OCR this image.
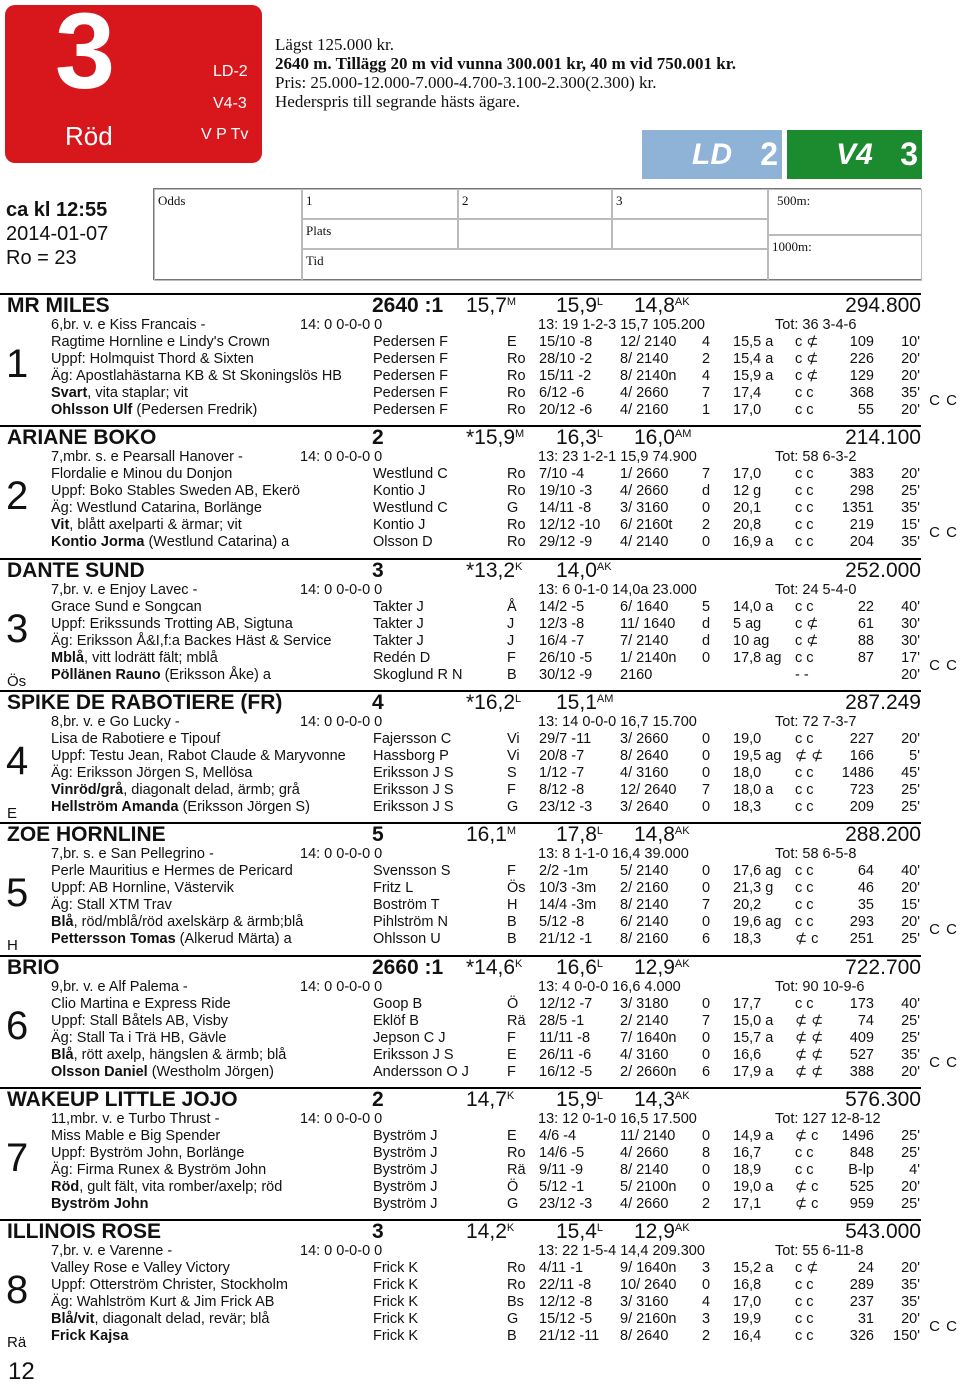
3
Röd
LD-2
V4-3
V P Tv
Lägst 125.000 kr.
2640 m. Tillägg 20 m vid vunna 300.001 kr, 40 m vid 750.001 kr.
Pris: 25.000-12.000-7.000-4.700-3.100-2.300(2.300) kr.
Hederspris till segrande hästs ägare.
LD 2 V4 3
ca kl 12:55
2014-01-07
Ro = 23
Odds	1	2	3
Plats
Tid
500m:
1000m:
MR MILES	2640 :1 $15,7^M$ $15,9^L$ $14,8^{AK}$	294.800
1
C C
6,br. v. e Kiss Francais -
Ragtime Hornline e Lindy's Crown
Uppf: Holmquist Thord & Sixten
Äg: Apostlahästarna KB & St Skoningslös HB
Svart, vita staplar; vit
Ohlsson Ulf (Pedersen Fredrik)
14: 0 0-0-0 0	13: 19 1-2-3 15,7 105.200	Tot: 36 3-4-6
Pedersen F	E 15/10 -8 12/ 2140 4 15,5 a c ⊄	109	10'
Pedersen F	Ro 28/10 -2 8/ 2140 2 15,4 a c ⊄	226	20'
Pedersen F	Ro 15/11 -2 8/ 2140n 4 15,9 a c ⊄	129	20'
Pedersen F	Ro 6/12 -6 4/ 2660 7 17,4 c c	368	35'
Pedersen F	Ro 20/12 -6 4/ 2160 1 17,0 c c	55	20'
ARIANE BOKO	2	$*15,9^M$ $16,3^L$ $16,0^{AM}$	214.100
2
C C
7,mbr. s. e Pearsall Hanover -
Flordalie e Minou du Donjon
Uppf: Boko Stables Sweden AB, Ekerö
Äg: Westlund Catarina, Borlänge
Vit, blått axelparti & ärmar; vit
Kontio Jorma (Westlund Catarina) a
14: 0 0-0-0 0	13: 23 1-2-1 15,9 74.900	Tot: 58 6-3-2
Westlund C	Ro 7/10 -4 1/ 2660 7 17,0 c c	383	20'
Kontio J	Ro 19/10 -3 4/ 2660 d 12 g c c	298	25'
Westlund C	G 14/11 -8 3/ 3160 0 20,1 c c	1351	35'
Kontio J	Ro 12/12 -10 6/ 2160t 2 20,8 c c	219	15'
Olsson D	Ro 29/12 -9 4/ 2140 0 16,9 a c c	204	35'
DANTE SUND	3	$*13,2^K$ $14,0^{AK}$	252.000
3
Ös
C C
7,br. v. e Enjoy Lavec -
Grace Sund e Songcan
Uppf: Erikssunds Trotting AB, Sigtuna
Äg: Eriksson Å&I,f:a Backes Häst & Service
Mblå, vitt lodrätt fält; mblå
Pöllänen Rauno (Eriksson Åke) a
14: 0 0-0-0 0	13: 6 0-1-0 14,0a 23.000	Tot: 24 5-4-0
Takter J	Å 14/2 -5 6/ 1640 5 14,0 a c c	22	40'
Takter J	J 12/3 -8 11/ 1640 d 5 ag c ⊄	61	30'
Takter J	J 16/4 -7 7/ 2140 d 10 ag c ⊄	88	30'
Redén D	F 26/10 -5 1/ 2140n 0 17,8 ag c c	87	17'
Skoglund R N	B 30/12 -9 2160	- -	20'
SPIKE DE RABOTIERE (FR)	4	$*16,2^L$ $15,1^{AM}$	287.249
4
E
8,br. v. e Go Lucky -
Lisa de Rabotiere e Tipouf
Uppf: Testu Jean, Rabot Claude & Maryvonne
Äg: Eriksson Jörgen S, Mellösa
Vinröd/grå, diagonalt delad, ärmb; grå
Hellström Amanda (Eriksson Jörgen S)
14: 0 0-0-0 0	13: 14 0-0-0 16,7 15.700	Tot: 72 7-3-7
Fajersson C	Vi 29/7 -11 3/ 2660 0 19,0 c c	227	20'
Hassborg P	Vi 20/8 -7 8/ 2640 0 19,5 ag ⊄ ⊄	166	5'
Eriksson J S	S 1/12 -7 4/ 3160 0 18,0 c c	1486	45'
Eriksson J S	F 8/12 -8 12/ 2640 7 18,0 a c c	723	25'
Eriksson J S	G 23/12 -3 3/ 2640 0 18,3 c c	209	25'
ZOE HORNLINE	5	$16,1^M$ $17,8^L$ $14,8^{AK}$	288.200
5
H
C C
7,br. s. e San Pellegrino -
Perle Mauritius e Hermes de Pericard
Uppf: AB Hornline, Västervik
Äg: Stall XTM Trav
Blå, röd/mblå/röd axelskärp & ärmb;blå
Pettersson Tomas (Alkerud Märta) a
14: 0 0-0-0 0	13: 8 1-1-0 16,4 39.000	Tot: 58 6-5-8
Svensson S	F 2/2 -1m 5/ 2140 0 17,6 ag c c	64	40'
Fritz L	Ös 10/3 -3m 2/ 2160 0 21,3 g c c	46	20'
Boström T	H 14/4 -3m 8/ 2140 7 20,2 c c	35	15'
Pihlström N	B 5/12 -8 6/ 2140 0 19,6 ag c c	293	20'
Ohlsson U	B 21/12 -1 8/ 2160 6 18,3 ⊄ c	251	25'
BRIO	2660 :1 $*14,6^K$ $16,6^L$ $12,9^{AK}$	722.700
6
C C
9,br. v. e Alf Palema -
Clio Martina e Express Ride
Uppf: Stall Båtels AB, Visby
Äg: Stall Ta i Trä HB, Gävle
Blå, rött axelp, hängslen & ärmb; blå
Olsson Daniel (Westholm Jörgen)
14: 0 0-0-0 0	13: 4 0-0-0 16,6 4.000	Tot: 90 10-9-6
Goop B	Ö 12/12 -7 3/ 3180 0 17,7 c c	173	40'
Eklöf B	Rä 28/5 -1 2/ 2140 7 15,0 a ⊄ ⊄	74	25'
Jepson C J	F 11/11 -8 7/ 1640n 0 15,7 a ⊄ ⊄	409	25'
Eriksson J S	E 26/11 -6 4/ 3160 0 16,6 ⊄ ⊄	527	35'
Andersson O J	F 16/12 -5 2/ 2660n 6 17,9 a ⊄ ⊄	388	20'
WAKEUP LITTLE JOJO	2	$14,7^K$ $15,9^L$ $14,3^{AK}$	576.300
7
11,mbr. v. e Turbo Thrust -
Miss Mable e Big Spender
Uppf: Byström John, Borlänge
Äg: Firma Runex & Byström John
Röd, gult fält, vita romber/axelp; röd
Byström John
14: 0 0-0-0 0	13: 12 0-1-0 16,5 17.500	Tot: 127 12-8-12
Byström J	E 4/6 -4	11/ 2140 0 14,9 a ⊄ c	1496	25'
Byström J	Ro 14/6 -5 4/ 2660 8 16,7 c c	848	25'
Byström J	Rä 9/11 -9	8/ 2140 0 18,9 c c	B-lp	4'
Byström J	Ö 5/12 -1 5/ 2100n 0 19,0 a ⊄ c	525	20'
Byström J	G 23/12 -3 4/ 2660 2 17,1 ⊄ c	959	25'
ILLINOIS ROSE	3	$14,2^K$ $15,4^L$ $12,9^{AK}$	543.000
8
Rä
C C
7,br. v. e Varenne -
Valley Rose e Valley Victory
Uppf: Otterström Christer, Stockholm
Äg: Wahlström Kurt & Jim Frick AB
Blå/vit, diagonalt delad, revär; blå
Frick Kajsa
14: 0 0-0-0 0	13: 22 1-5-4 14,4 209.300	Tot: 55 6-11-8
Frick K	Ro 4/11 -1	9/ 1640n 3 15,2 a c ⊄	24	20'
Frick K	Ro 22/11 -8 10/ 2640 0 16,8 c c	289	35'
Frick K	Bs 12/12 -8 3/ 3160 4 17,0 c c	237	35'
Frick K	G 15/12 -5 9/ 2160n 3 19,9 c c	31	20'
Frick K	B 21/12 -11 8/ 2640 2 16,4 c c	326	150'
12
